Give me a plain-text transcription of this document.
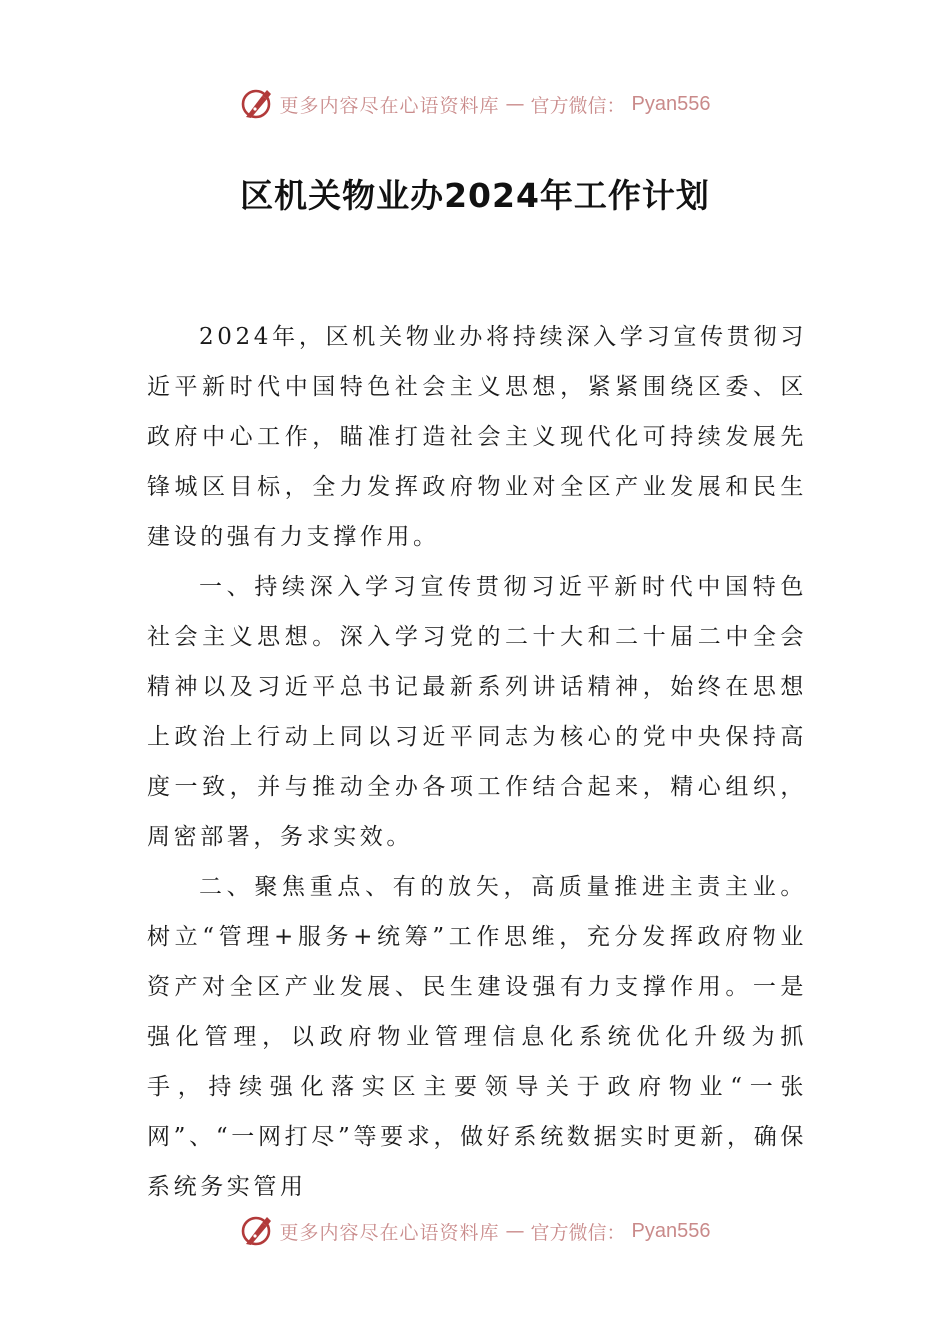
更多内容尽在心语资料库 — 官方微信： Pyan556
区机关物业办2024年工作计划

2024年，区机关物业办将持续深入学习宣传贯彻习近平新时代中国特色社会主义思想，紧紧围绕区委、区政府中心工作，瞄准打造社会主义现代化可持续发展先锋城区目标，全力发挥政府物业对全区产业发展和民生建设的强有力支撑作用。

一、持续深入学习宣传贯彻习近平新时代中国特色社会主义思想。深入学习党的二十大和二十届二中全会精神以及习近平总书记最新系列讲话精神，始终在思想上政治上行动上同以习近平同志为核心的党中央保持高度一致，并与推动全办各项工作结合起来，精心组织，周密部署，务求实效。

二、聚焦重点、有的放矢，高质量推进主责主业。树立“管理+服务+统筹”工作思维，充分发挥政府物业资产对全区产业发展、民生建设强有力支撑作用。一是强化管理，以政府物业管理信息化系统优化升级为抓手，持续强化落实区主要领导关于政府物业“一张网”、“一网打尽”等要求，做好系统数据实时更新，确保系统务实管用

更多内容尽在心语资料库 — 官方微信： Pyan556
